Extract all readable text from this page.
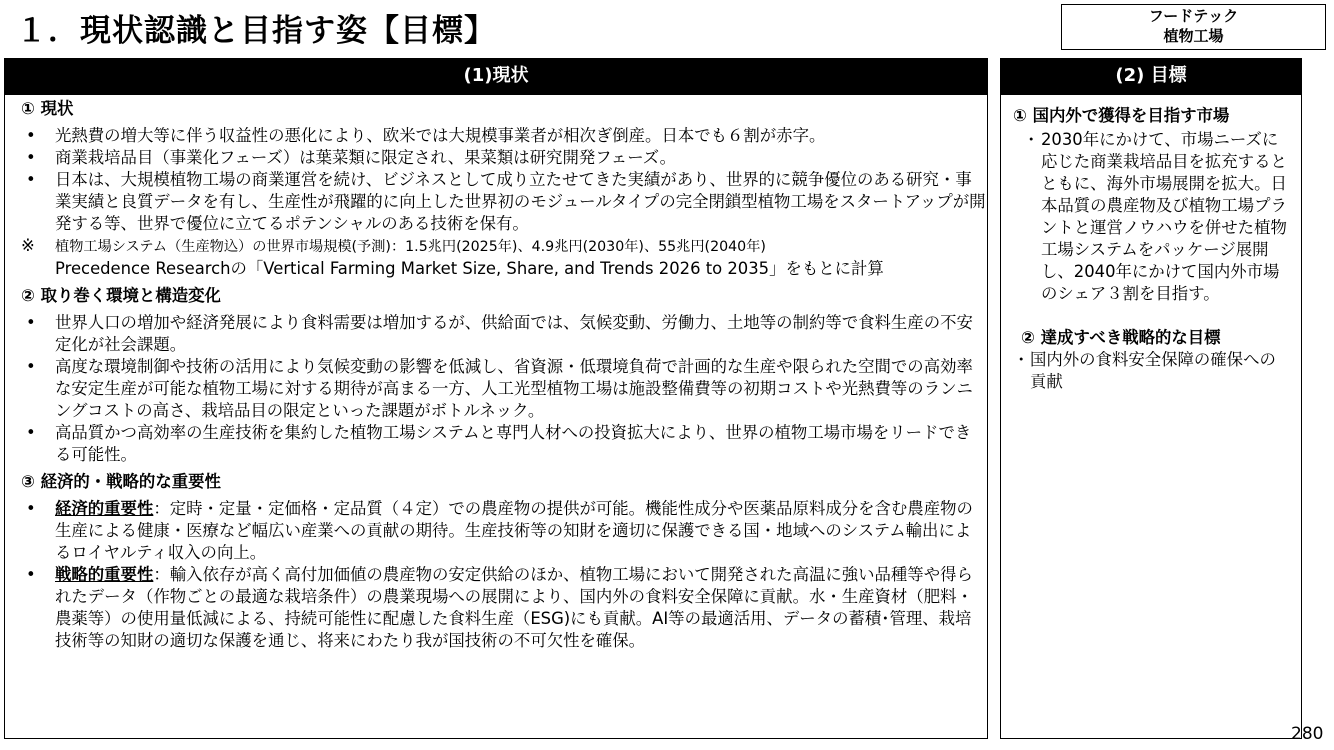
１．現状認識と目指す姿【目標】	フードテック
植物工場
(1)現状

① 現状

• 光熱費の増大等に伴う収益性の悪化により、欧米では大規模事業者が相次ぎ倒産。日本でも６割が赤字。
• 商業栽培品目（事業化フェーズ）は葉菜類に限定され、果菜類は研究開発フェーズ。
• 日本は、大規模植物工場の商業運営を続け、ビジネスとして成り立たせてきた実績があり、世界的に競争優位のある研究・事業実績と良質データを有し、生産性が飛躍的に向上した世界初のモジュールタイプの完全閉鎖型植物工場をスタートアップが開発する等、世界で優位に立てるポテンシャルのある技術を保有。
※ 植物工場システム（生産物込）の世界市場規模(予測)：1.5兆円(2025年)、4.9兆円(2030年)、55兆円(2040年)
Precedence Researchの「Vertical Farming Market Size, Share, and Trends 2026 to 2035」をもとに計算

② 取り巻く環境と構造変化

• 世界人口の増加や経済発展により食料需要は増加するが、供給面では、気候変動、労働力、土地等の制約等で食料生産の不安定化が社会課題。
• 高度な環境制御や技術の活用により気候変動の影響を低減し、省資源・低環境負荷で計画的な生産や限られた空間での高効率な安定生産が可能な植物工場に対する期待が高まる一方、人工光型植物工場は施設整備費等の初期コストや光熱費等のランニングコストの高さ、栽培品目の限定といった課題がボトルネック。
• 高品質かつ高効率の生産技術を集約した植物工場システムと専門人材への投資拡大により、世界の植物工場市場をリードできる可能性。

③ 経済的・戦略的な重要性

• 経済的重要性：定時・定量・定価格・定品質（４定）での農産物の提供が可能。機能性成分や医薬品原料成分を含む農産物の生産による健康・医療など幅広い産業への貢献の期待。生産技術等の知財を適切に保護できる国・地域へのシステム輸出によるロイヤルティ収入の向上。
• 戦略的重要性：輸入依存が高く高付加価値の農産物の安定供給のほか、植物工場において開発された高温に強い品種等や得られたデータ（作物ごとの最適な栽培条件）の農業現場への展開により、国内外の食料安全保障に貢献。水・生産資材（肥料・農薬等）の使用量低減による、持続可能性に配慮した食料生産（ESG)にも貢献。AI等の最適活用、データの蓄積･管理、栽培技術等の知財の適切な保護を通じ、将来にわたり我が国技術の不可欠性を確保。
(2) 目標

① 国内外で獲得を目指す市場

・ 2030年にかけて、市場ニーズに応じた商業栽培品目を拡充するとともに、海外市場展開を拡大。日本品質の農産物及び植物工場プラントと運営ノウハウを併せた植物工場システムをパッケージ展開し、2040年にかけて国内外市場のシェア３割を目指す。

② 達成すべき戦略的な目標

・ 国内外の食料安全保障の確保への貢献

280
